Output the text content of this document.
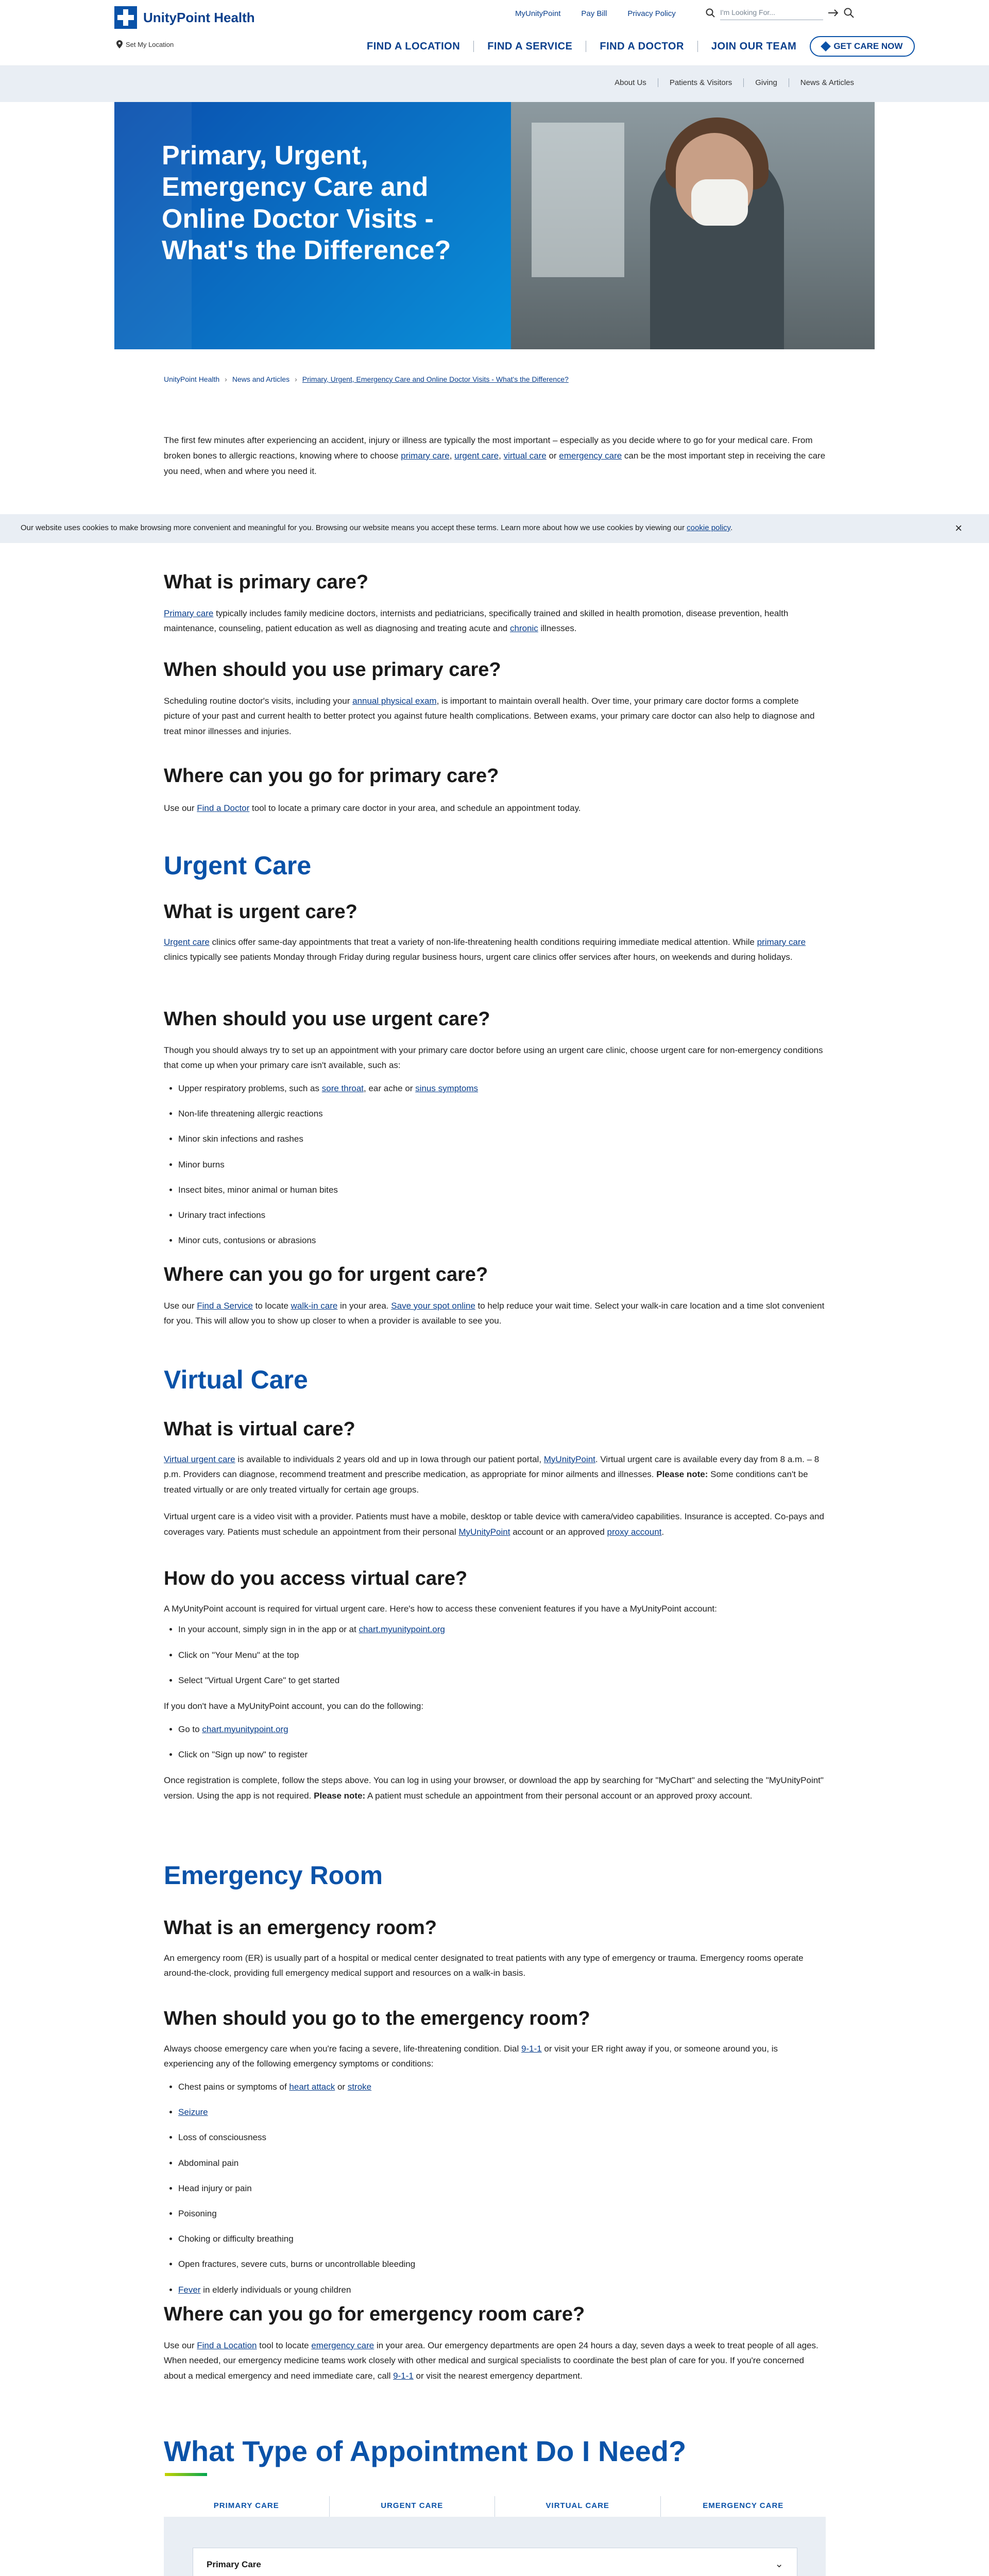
UnityPoint Health
Set My Location
MyUnityPoint	Pay Bill	Privacy Policy	I'm Looking For...
FIND A LOCATION	FIND A SERVICE	FIND A DOCTOR	JOIN OUR TEAM	GET CARE NOW
About Us	Patients & Visitors	Giving	News & Articles
Primary, Urgent, Emergency Care and Online Doctor Visits - What's the Difference?
UnityPoint Health › News and Articles › Primary, Urgent, Emergency Care and Online Doctor Visits - What's the Difference?

The first few minutes after experiencing an accident, injury or illness are typically the most important – especially as you decide where to go for your medical care. From broken bones to allergic reactions, knowing where to choose primary care, urgent care, virtual care or emergency care can be the most important step in receiving the care you need, when and where you need it.

Our website uses cookies to make browsing more convenient and meaningful for you. Browsing our website means you accept these terms. Learn more about how we use cookies by viewing our cookie policy.	×
What is primary care?

Primary care typically includes family medicine doctors, internists and pediatricians, specifically trained and skilled in health promotion, disease prevention, health maintenance, counseling, patient education as well as diagnosing and treating acute and chronic illnesses.

When should you use primary care?

Scheduling routine doctor's visits, including your annual physical exam, is important to maintain overall health. Over time, your primary care doctor forms a complete picture of your past and current health to better protect you against future health complications. Between exams, your primary care doctor can also help to diagnose and treat minor illnesses and injuries.

Where can you go for primary care?

Use our Find a Doctor tool to locate a primary care doctor in your area, and schedule an appointment today.

Urgent Care
What is urgent care?

Urgent care clinics offer same-day appointments that treat a variety of non-life-threatening health conditions requiring immediate medical attention. While primary care clinics typically see patients Monday through Friday during regular business hours, urgent care clinics offer services after hours, on weekends and during holidays.

When should you use urgent care?

Though you should always try to set up an appointment with your primary care doctor before using an urgent care clinic, choose urgent care for non-emergency conditions that come up when your primary care isn't available, such as:

• Upper respiratory problems, such as sore throat, ear ache or sinus symptoms
• Non-life threatening allergic reactions
• Minor skin infections and rashes
• Minor burns
• Insect bites, minor animal or human bites
• Urinary tract infections
• Minor cuts, contusions or abrasions
Where can you go for urgent care?

Use our Find a Service to locate walk-in care in your area. Save your spot online to help reduce your wait time. Select your walk-in care location and a time slot convenient for you. This will allow you to show up closer to when a provider is available to see you.

Virtual Care
What is virtual care?

Virtual urgent care is available to individuals 2 years old and up in Iowa through our patient portal, MyUnityPoint. Virtual urgent care is available every day from 8 a.m. – 8 p.m. Providers can diagnose, recommend treatment and prescribe medication, as appropriate for minor ailments and illnesses. Please note: Some conditions can't be treated virtually or are only treated virtually for certain age groups.

Virtual urgent care is a video visit with a provider. Patients must have a mobile, desktop or table device with camera/video capabilities. Insurance is accepted. Co-pays and coverages vary. Patients must schedule an appointment from their personal MyUnityPoint account or an approved proxy account.

How do you access virtual care?

A MyUnityPoint account is required for virtual urgent care. Here's how to access these convenient features if you have a MyUnityPoint account:

• In your account, simply sign in in the app or at chart.myunitypoint.org
• Click on "Your Menu" at the top
• Select "Virtual Urgent Care" to get started

If you don't have a MyUnityPoint account, you can do the following:

• Go to chart.myunitypoint.org
• Click on "Sign up now" to register

Once registration is complete, follow the steps above. You can log in using your browser, or download the app by searching for "MyChart" and selecting the "MyUnityPoint" version. Using the app is not required. Please note: A patient must schedule an appointment from their personal account or an approved proxy account.

Emergency Room
What is an emergency room?

An emergency room (ER) is usually part of a hospital or medical center designated to treat patients with any type of emergency or trauma. Emergency rooms operate around-the-clock, providing full emergency medical support and resources on a walk-in basis.

When should you go to the emergency room?

Always choose emergency care when you're facing a severe, life-threatening condition. Dial 9-1-1 or visit your ER right away if you, or someone around you, is experiencing any of the following emergency symptoms or conditions:

• Chest pains or symptoms of heart attack or stroke
• Seizure
• Loss of consciousness
• Abdominal pain
• Head injury or pain
• Poisoning
• Choking or difficulty breathing
• Open fractures, severe cuts, burns or uncontrollable bleeding
• Fever in elderly individuals or young children
Where can you go for emergency room care?

Use our Find a Location tool to locate emergency care in your area. Our emergency departments are open 24 hours a day, seven days a week to treat people of all ages. When needed, our emergency medicine teams work closely with other medical and surgical specialists to coordinate the best plan of care for you. If you're concerned about a medical emergency and need immediate care, call 9-1-1 or visit the nearest emergency department.

What Type of Appointment Do I Need?
PRIMARY CARE	URGENT CARE	VIRTUAL CARE	EMERGENCY CARE
Primary Care	⌄
